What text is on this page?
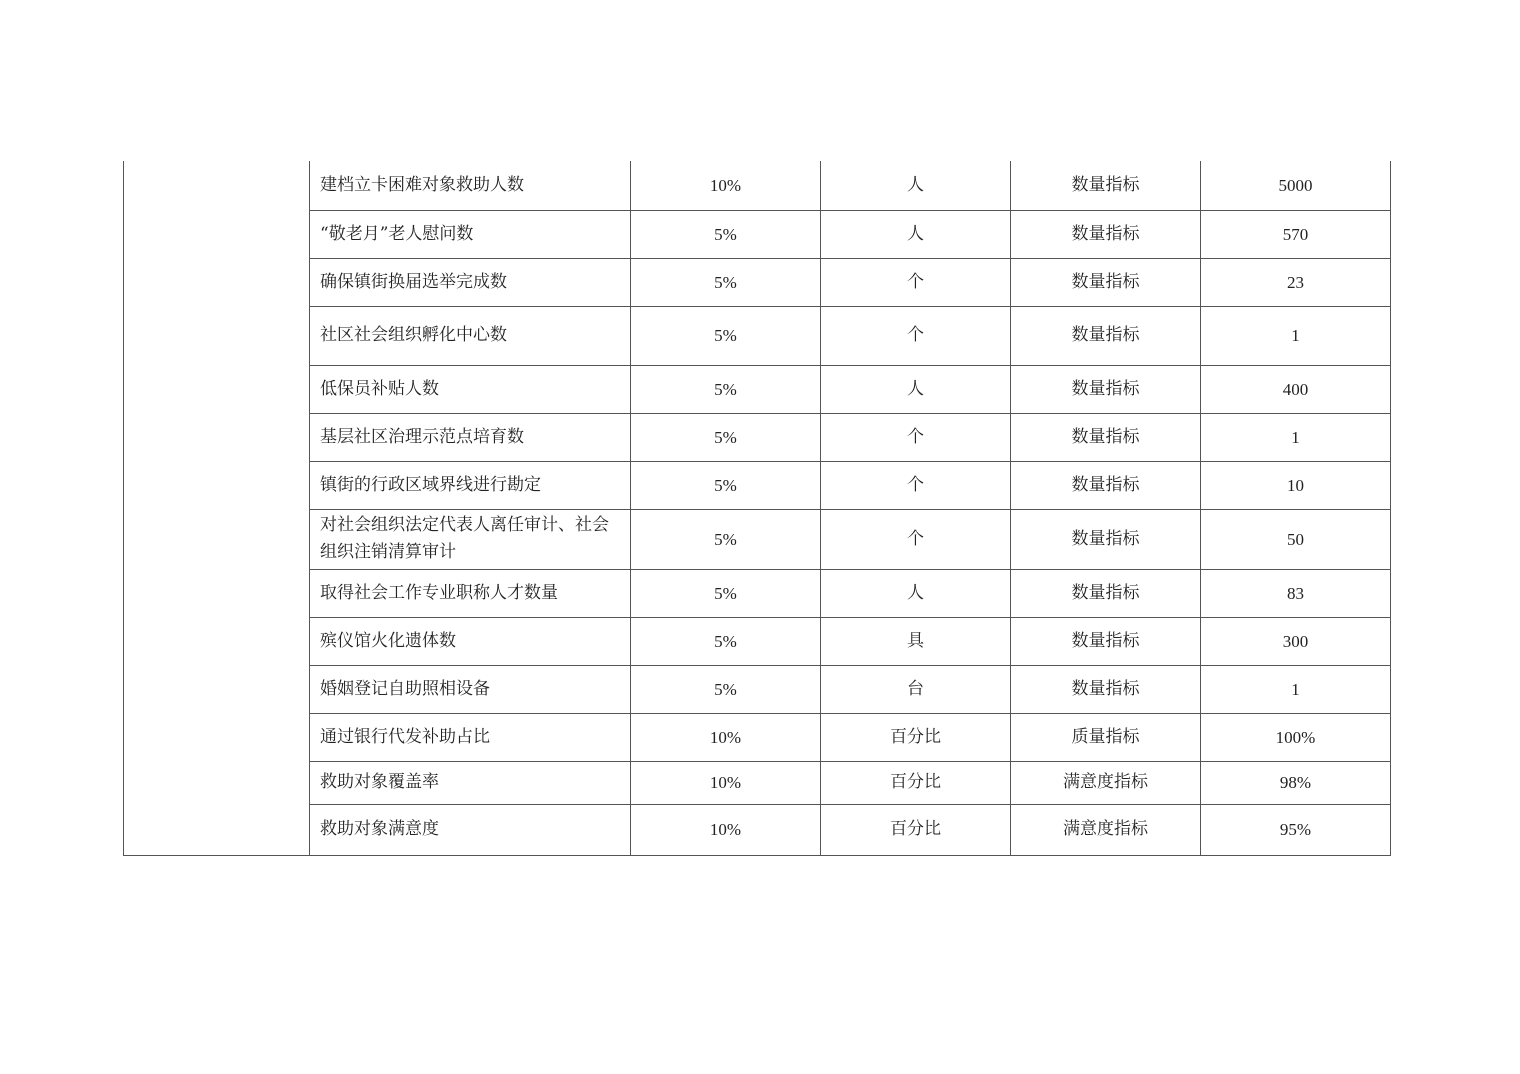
	建档立卡困难对象救助人数	10%	人	数量指标	5000
	“敬老月”老人慰问数	5%	人	数量指标	570
	确保镇街换届选举完成数	5%	个	数量指标	23
	社区社会组织孵化中心数	5%	个	数量指标	1
	低保员补贴人数	5%	人	数量指标	400
	基层社区治理示范点培育数	5%	个	数量指标	1
	镇街的行政区域界线进行勘定	5%	个	数量指标	10
	对社会组织法定代表人离任审计、社会组织注销清算审计	5%	个	数量指标	50
	取得社会工作专业职称人才数量	5%	人	数量指标	83
	殡仪馆火化遗体数	5%	具	数量指标	300
	婚姻登记自助照相设备	5%	台	数量指标	1
	通过银行代发补助占比	10%	百分比	质量指标	100%
	救助对象覆盖率	10%	百分比	满意度指标	98%
	救助对象满意度	10%	百分比	满意度指标	95%
